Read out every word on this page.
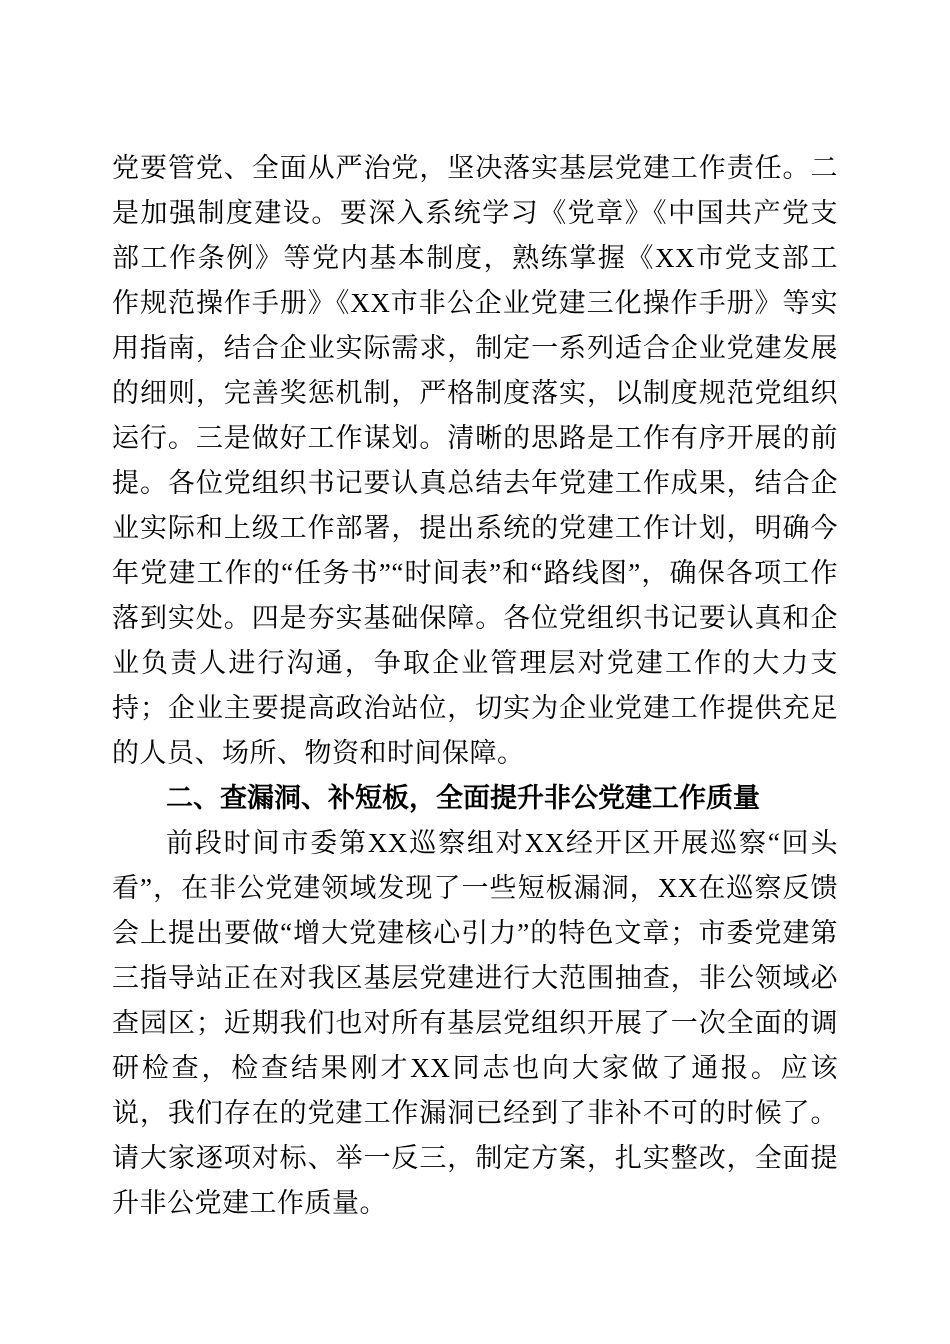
党要管党、全面从严治党，坚决落实基层党建工作责任。二是加强制度建设。要深入系统学习《党章》《中国共产党支部工作条例》等党内基本制度，熟练掌握《XX市党支部工作规范操作手册》《XX市非公企业党建三化操作手册》等实用指南，结合企业实际需求，制定一系列适合企业党建发展的细则，完善奖惩机制，严格制度落实，以制度规范党组织运行。三是做好工作谋划。清晰的思路是工作有序开展的前提。各位党组织书记要认真总结去年党建工作成果，结合企业实际和上级工作部署，提出系统的党建工作计划，明确今年党建工作的“任务书”“时间表”和“路线图”，确保各项工作落到实处。四是夯实基础保障。各位党组织书记要认真和企业负责人进行沟通，争取企业管理层对党建工作的大力支持；企业主要提高政治站位，切实为企业党建工作提供充足的人员、场所、物资和时间保障。

二、查漏洞、补短板，全面提升非公党建工作质量

前段时间市委第XX巡察组对XX经开区开展巡察“回头看”，在非公党建领域发现了一些短板漏洞，XX在巡察反馈会上提出要做“增大党建核心引力”的特色文章；市委党建第三指导站正在对我区基层党建进行大范围抽查，非公领域必查园区；近期我们也对所有基层党组织开展了一次全面的调研检查，检查结果刚才XX同志也向大家做了通报。应该说，我们存在的党建工作漏洞已经到了非补不可的时候了。请大家逐项对标、举一反三，制定方案，扎实整改，全面提升非公党建工作质量。
